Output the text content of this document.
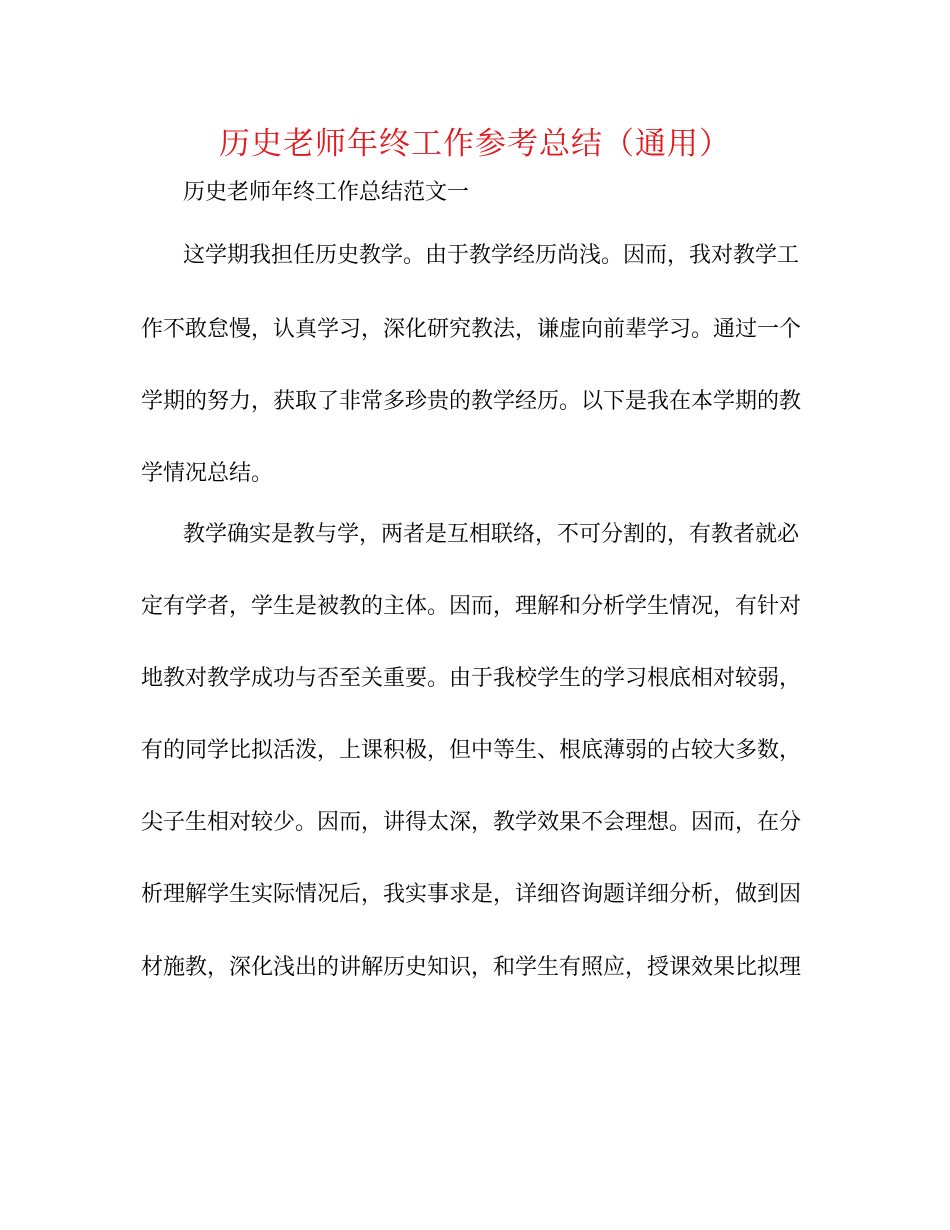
历史老师年终工作参考总结（通用）

历史老师年终工作总结范文一

这学期我担任历史教学。由于教学经历尚浅。因而，我对教学工

作不敢怠慢，认真学习，深化研究教法，谦虚向前辈学习。通过一个

学期的努力，获取了非常多珍贵的教学经历。以下是我在本学期的教

学情况总结。

教学确实是教与学，两者是互相联络，不可分割的，有教者就必

定有学者，学生是被教的主体。因而，理解和分析学生情况，有针对

地教对教学成功与否至关重要。由于我校学生的学习根底相对较弱，

有的同学比拟活泼，上课积极，但中等生、根底薄弱的占较大多数，

尖子生相对较少。因而，讲得太深，教学效果不会理想。因而，在分

析理解学生实际情况后，我实事求是，详细咨询题详细分析，做到因

材施教，深化浅出的讲解历史知识，和学生有照应，授课效果比拟理
